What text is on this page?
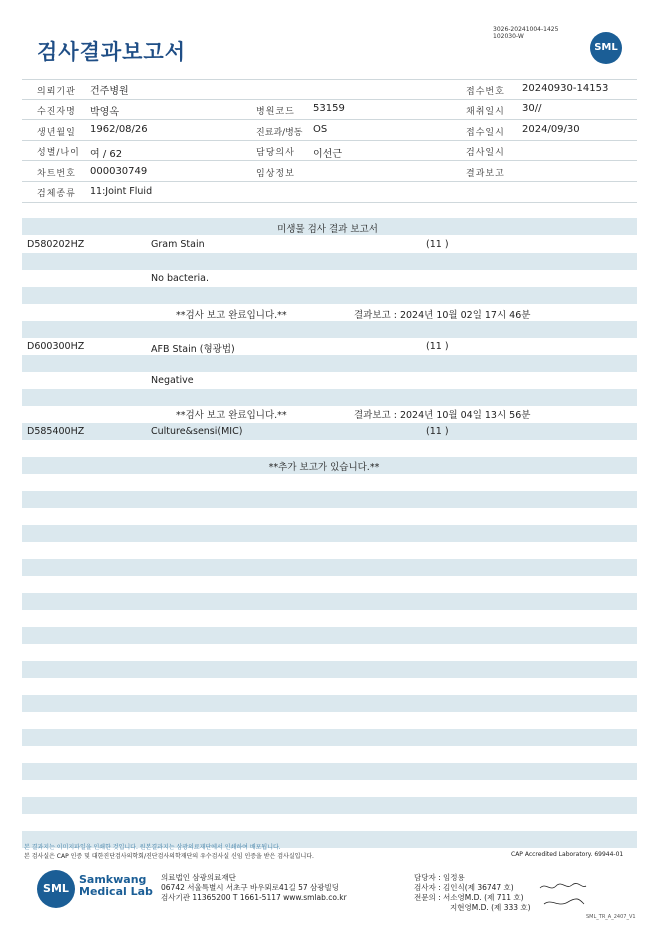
검사결과보고서
3026-20241004-1425
102030-W
SML
의뢰기관 건주병원	접수번호 20240930-14153
수진자명 박영옥	병원코드 53159	채취일시 30//
생년월일 1962/08/26	진료과/병동 OS	접수일시 2024/09/30
성별/나이 여 / 62	담당의사 이선근	검사일시
차트번호 000030749	임상정보	결과보고
검체종류 11:Joint Fluid
미생물 검사 결과 보고서
D580202HZ	Gram Stain	(11 )
No bacteria.
**검사 보고 완료입니다.**	결과보고 : 2024년 10월 02일 17시 46분
D600300HZ	AFB Stain (형광법)	(11 )
Negative
**검사 보고 완료입니다.**	결과보고 : 2024년 10월 04일 13시 56분
D585400HZ	Culture&sensi(MIC)	(11 )
**추가 보고가 있습니다.**
본 결과지는 이미지파일을 인쇄한 것입니다. 원본결과지는 삼광의료재단에서 인쇄하여 배포됩니다.
본 검사실은 CAP 인증 및 대한진단검사의학회/진단검사의학재단의 우수검사실 신임 인증을 받은 검사실입니다.	CAP Accredited Laboratory. 69944-01
SML
Samkwang
Medical Lab
의료법인 삼광의료재단
06742 서울특별시 서초구 바우뫼로41길 57 삼광빌딩
검사기관 11365200 T 1661-5117 www.smlab.co.kr
담당자 : 임정용
검사자 : 김인식(제 36747 호)
전문의 : 서소영M.D. (제 711 호)
지현영M.D. (제 333 호)
SML_TR_A_2407_V1
